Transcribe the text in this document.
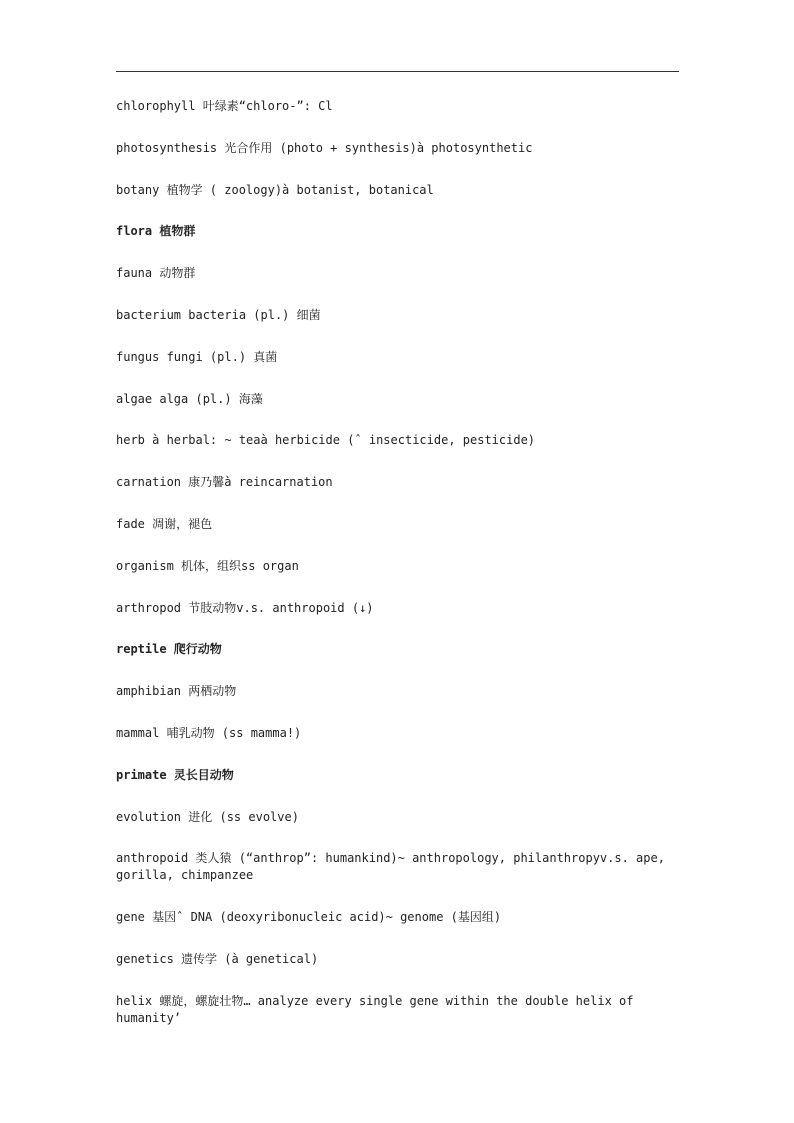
chlorophyll 叶绿素“chloro-”: Cl

photosynthesis 光合作用 (photo + synthesis)à photosynthetic

botany 植物学 ( zoology)à botanist, botanical

flora 植物群

fauna 动物群

bacterium bacteria (pl.) 细菌

fungus fungi (pl.) 真菌

algae alga (pl.) 海藻

herb à herbal: ~ teaà herbicide (ˆ insecticide, pesticide)

carnation 康乃馨à reincarnation

fade 凋谢，褪色

organism 机体，组织ss organ

arthropod 节肢动物v.s. anthropoid (↓)

reptile 爬行动物

amphibian 两栖动物

mammal 哺乳动物 (ss mamma!)

primate 灵长目动物

evolution 进化 (ss evolve)

anthropoid 类人猿 (“anthrop”: humankind)~ anthropology, philanthropyv.s. ape, gorilla, chimpanzee

gene 基因ˆ DNA (deoxyribonucleic acid)~ genome (基因组)

genetics 遗传学 (à genetical)

helix 螺旋，螺旋壮物… analyze every single gene within the double helix of humanity’
